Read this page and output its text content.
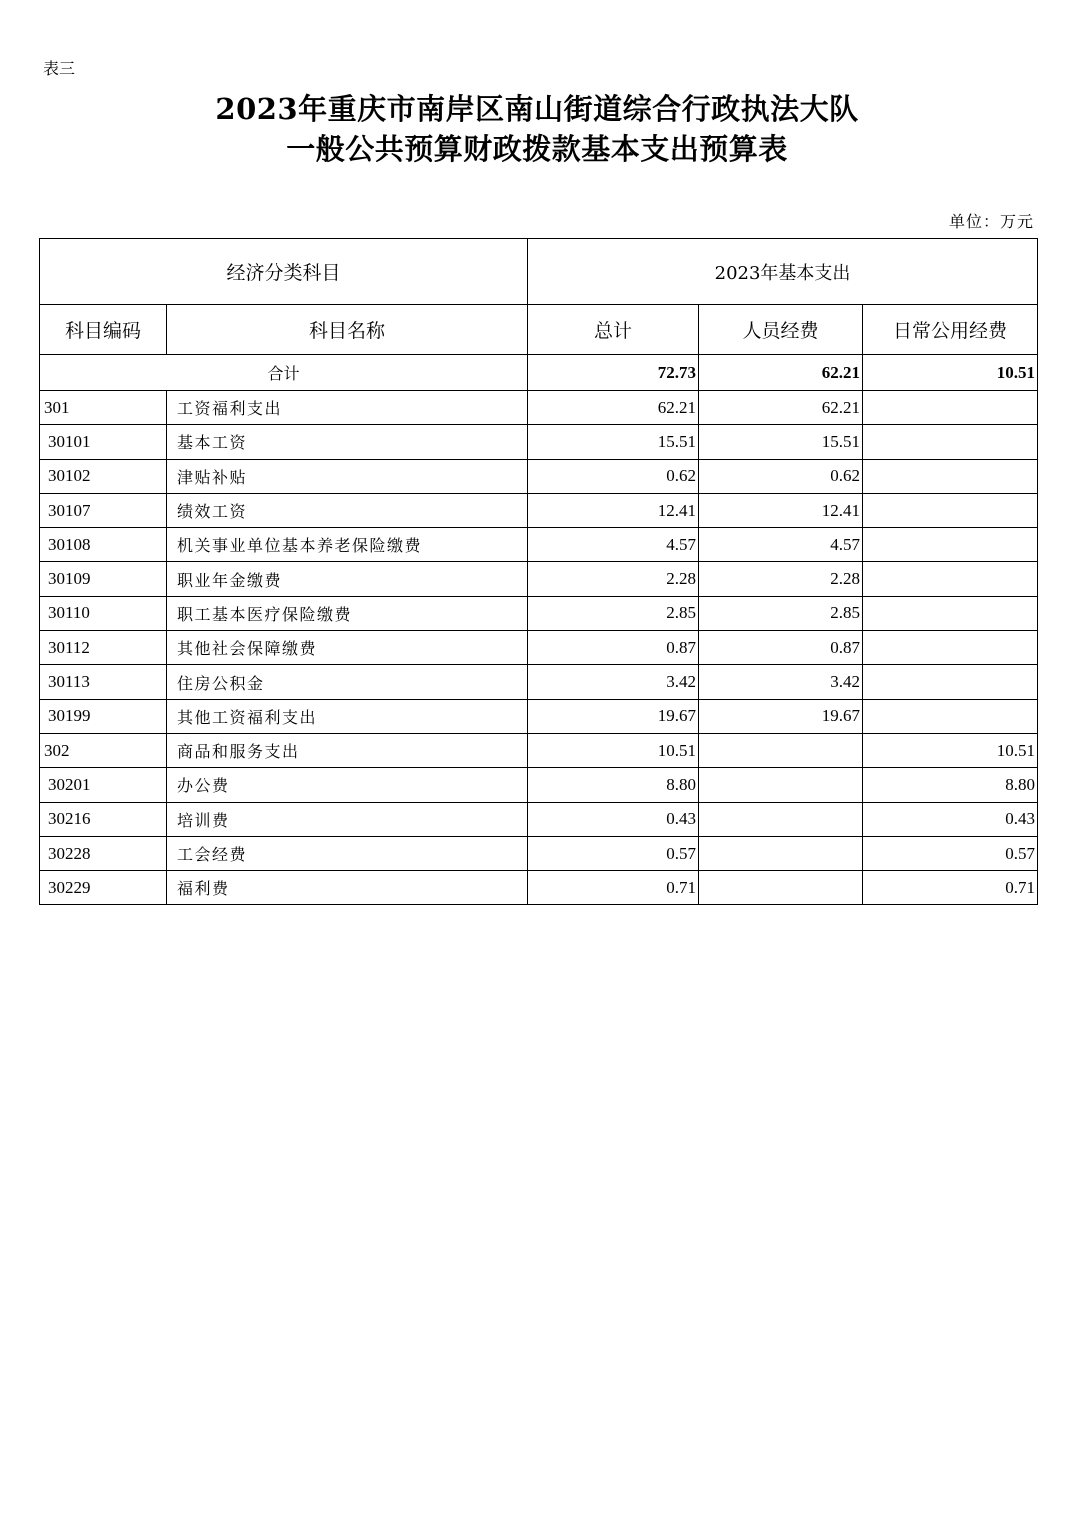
表三
2023年重庆市南岸区南山街道综合行政执法大队
一般公共预算财政拨款基本支出预算表
单位：万元
经济分类科目		2023年基本支出		
科目编码	科目名称	总计	人员经费	日常公用经费
合计		72.73	62.21	10.51
301	工资福利支出	62.21	62.21	
30101	基本工资	15.51	15.51	
30102	津贴补贴	0.62	0.62	
30107	绩效工资	12.41	12.41	
30108	机关事业单位基本养老保险缴费	4.57	4.57	
30109	职业年金缴费	2.28	2.28	
30110	职工基本医疗保险缴费	2.85	2.85	
30112	其他社会保障缴费	0.87	0.87	
30113	住房公积金	3.42	3.42	
30199	其他工资福利支出	19.67	19.67	
302	商品和服务支出	10.51		10.51
30201	办公费	8.80		8.80
30216	培训费	0.43		0.43
30228	工会经费	0.57		0.57
30229	福利费	0.71		0.71
